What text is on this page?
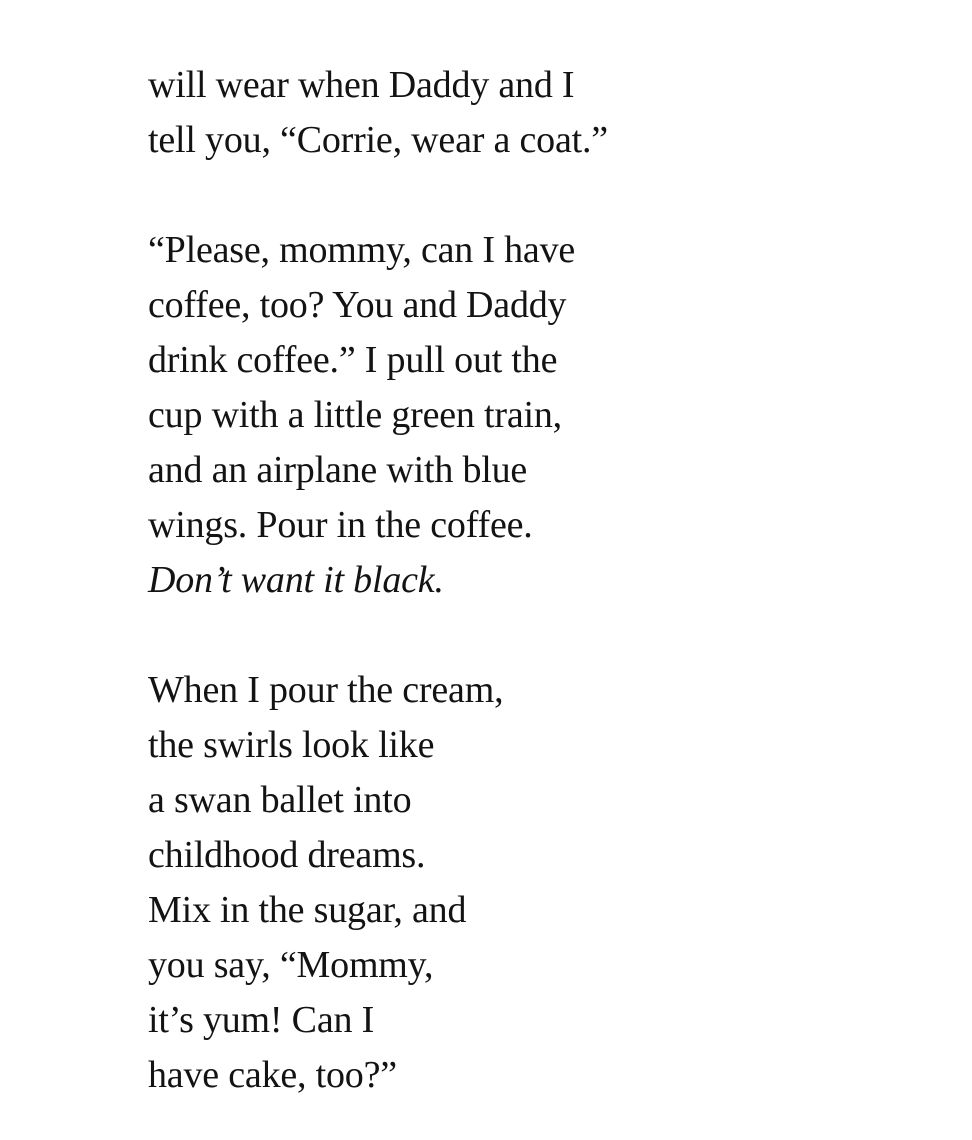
will wear when Daddy and I
tell you, “Corrie, wear a coat.”
“Please, mommy, can I have
coffee, too? You and Daddy
drink coffee.” I pull out the
cup with a little green train,
and an airplane with blue
wings. Pour in the coffee.
Don’t want it black.
When I pour the cream,
the swirls look like
a swan ballet into
childhood dreams.
Mix in the sugar, and
you say, “Mommy,
it’s yum! Can I
have cake, too?”
